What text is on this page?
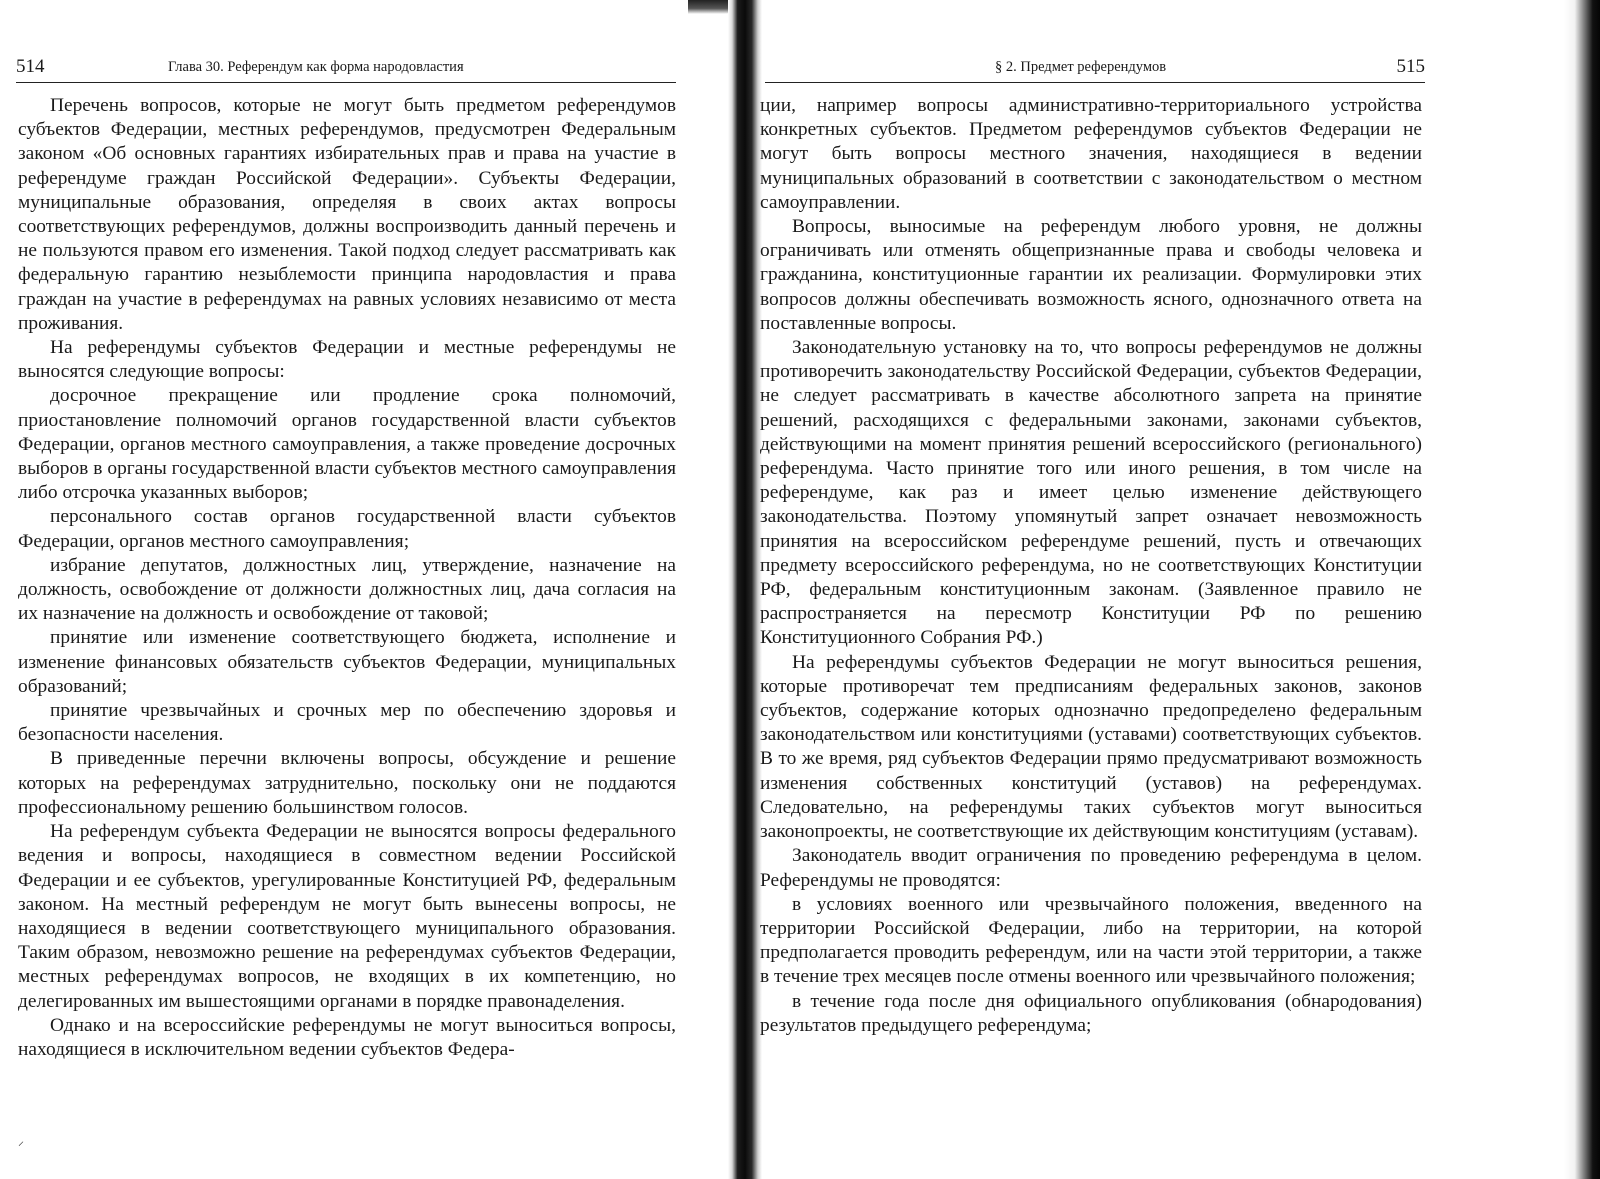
514	Глава 30. Референдум как форма народовластия

Перечень вопросов, которые не могут быть предметом референдумов субъектов Федерации, местных референдумов, предусмотрен Федеральным законом «Об основных гарантиях избирательных прав и права на участие в референдуме граждан Российской Федерации». Субъекты Федерации, муниципальные образования, определяя в своих актах вопросы соответствующих референдумов, должны воспроизводить данный перечень и не пользуются правом его изменения. Такой подход следует рассматривать как федеральную гарантию незыблемости принципа народовластия и права граждан на участие в референдумах на равных условиях независимо от места проживания.

На референдумы субъектов Федерации и местные референдумы не выносятся следующие вопросы:

досрочное прекращение или продление срока полномочий, приостановление полномочий органов государственной власти субъектов Федерации, органов местного самоуправления, а также проведение досрочных выборов в органы государственной власти субъектов местного самоуправления либо отсрочка указанных выборов;

персонального состав органов государственной власти субъектов Федерации, органов местного самоуправления;

избрание депутатов, должностных лиц, утверждение, назначение на должность, освобождение от должности должностных лиц, дача согласия на их назначение на должность и освобождение от таковой;

принятие или изменение соответствующего бюджета, исполнение и изменение финансовых обязательств субъектов Федерации, муниципальных образований;

принятие чрезвычайных и срочных мер по обеспечению здоровья и безопасности населения.

В приведенные перечни включены вопросы, обсуждение и решение которых на референдумах затруднительно, поскольку они не поддаются профессиональному решению большинством голосов.

На референдум субъекта Федерации не выносятся вопросы федерального ведения и вопросы, находящиеся в совместном ведении Российской Федерации и ее субъектов, урегулированные Конституцией РФ, федеральным законом. На местный референдум не могут быть вынесены вопросы, не находящиеся в ведении соответствующего муниципального образования. Таким образом, невозможно решение на референдумах субъектов Федерации, местных референдумах вопросов, не входящих в их компетенцию, но делегированных им вышестоящими органами в порядке правонаделения.

Однако и на всероссийские референдумы не могут выноситься вопросы, находящиеся в исключительном ведении субъектов Федера-

⸝
§ 2. Предмет референдумов	515

ции, например вопросы административно-территориального устройства конкретных субъектов. Предметом референдумов субъектов Федерации не могут быть вопросы местного значения, находящиеся в ведении муниципальных образований в соответствии с законодательством о местном самоуправлении.

Вопросы, выносимые на референдум любого уровня, не должны ограничивать или отменять общепризнанные права и свободы человека и гражданина, конституционные гарантии их реализации. Формулировки этих вопросов должны обеспечивать возможность ясного, однозначного ответа на поставленные вопросы.

Законодательную установку на то, что вопросы референдумов не должны противоречить законодательству Российской Федерации, субъектов Федерации, не следует рассматривать в качестве абсолютного запрета на принятие решений, расходящихся с федеральными законами, законами субъектов, действующими на момент принятия решений всероссийского (регионального) референдума. Часто принятие того или иного решения, в том числе на референдуме, как раз и имеет целью изменение действующего законодательства. Поэтому упомянутый запрет означает невозможность принятия на всероссийском референдуме решений, пусть и отвечающих предмету всероссийского референдума, но не соответствующих Конституции РФ, федеральным конституционным законам. (Заявленное правило не распространяется на пересмотр Конституции РФ по решению Конституционного Собрания РФ.)

На референдумы субъектов Федерации не могут выноситься решения, которые противоречат тем предписаниям федеральных законов, законов субъектов, содержание которых однозначно предопределено федеральным законодательством или конституциями (уставами) соответствующих субъектов. В то же время, ряд субъектов Федерации прямо предусматривают возможность изменения собственных конституций (уставов) на референдумах. Следовательно, на референдумы таких субъектов могут выноситься законопроекты, не соответствующие их действующим конституциям (уставам).

Законодатель вводит ограничения по проведению референдума в целом. Референдумы не проводятся:

в условиях военного или чрезвычайного положения, введенного на территории Российской Федерации, либо на территории, на которой предполагается проводить референдум, или на части этой территории, а также в течение трех месяцев после отмены военного или чрезвычайного положения;

в течение года после дня официального опубликования (обнародования) результатов предыдущего референдума;
